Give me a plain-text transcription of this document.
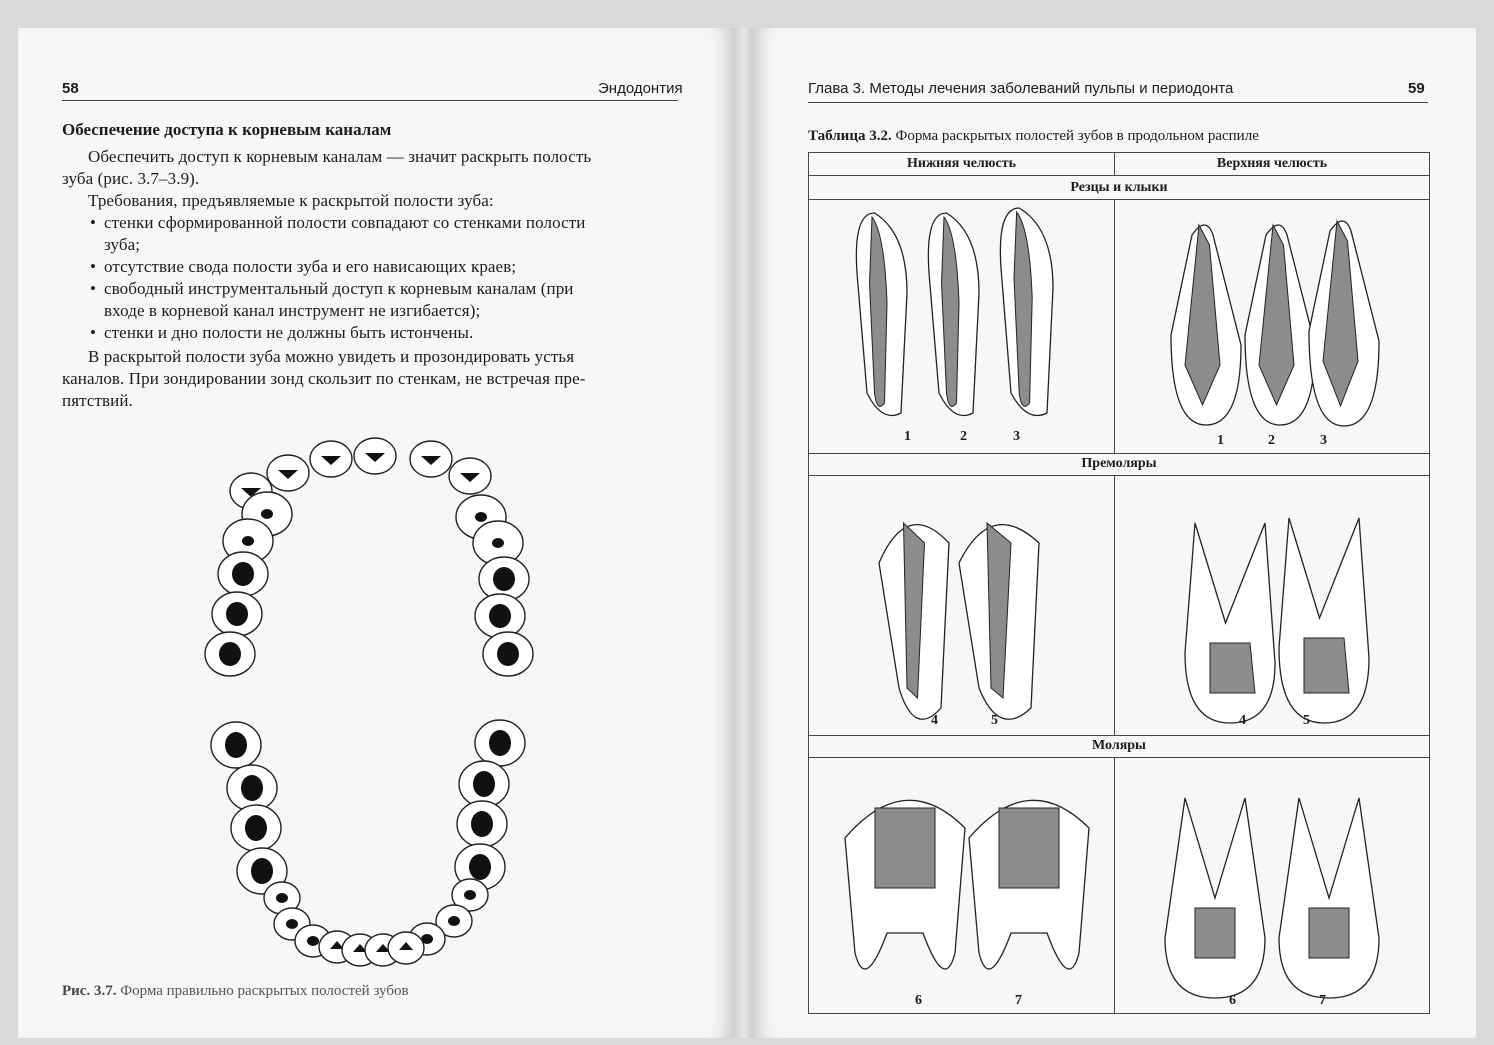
58	Эндодонтия
Обеспечение доступа к корневым каналам
Обеспечить доступ к корневым каналам — значит раскрыть полость
зуба (рис. 3.7–3.9).
Требования, предъявляемые к раскрытой полости зуба:
• стенки сформированной полости совпадают со стенками полости
зуба;
• отсутствие свода полости зуба и его нависающих краев;
• свободный инструментальный доступ к корневым каналам (при
входе в корневой канал инструмент не изгибается);
• стенки и дно полости не должны быть истончены.
В раскрытой полости зуба можно увидеть и прозондировать устья
каналов. При зондировании зонд скользит по стенкам, не встречая пре-
пятствий.
Рис. 3.7. Форма правильно раскрытых полостей зубов
Глава 3. Методы лечения заболеваний пульпы и периодонта	59
Таблица 3.2. Форма раскрытых полостей зубов в продольном распиле
Нижняя челюсть	Верхняя челюсть
Резцы и клыки
Премоляры
Моляры
1	2	3	1	2	3
4	5	4	5
6	7	6	7
